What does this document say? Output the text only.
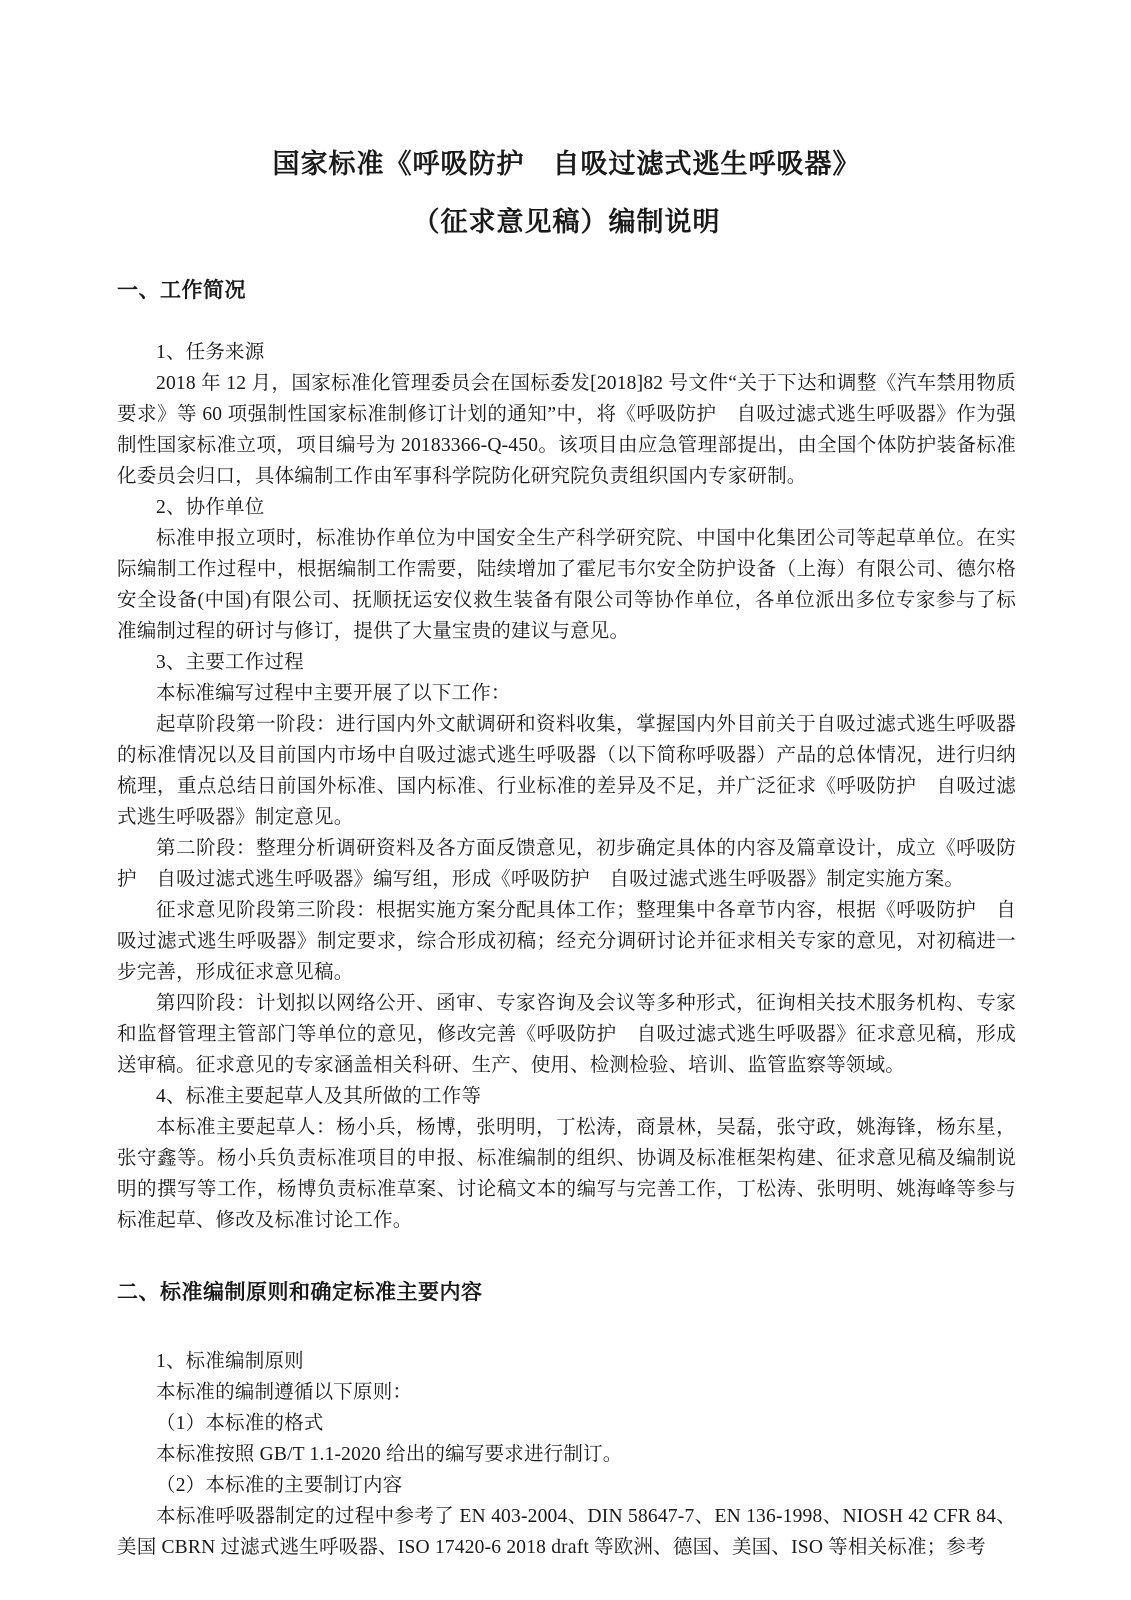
国家标准《呼吸防护　自吸过滤式逃生呼吸器》
（征求意见稿）编制说明
一、工作简况

1、任务来源

2018 年 12 月，国家标准化管理委员会在国标委发[2018]82 号文件“关于下达和调整《汽车禁用物质要求》等 60 项强制性国家标准制修订计划的通知”中，将《呼吸防护　自吸过滤式逃生呼吸器》作为强制性国家标准立项，项目编号为 20183366-Q-450。该项目由应急管理部提出，由全国个体防护装备标准化委员会归口，具体编制工作由军事科学院防化研究院负责组织国内专家研制。

2、协作单位

标准申报立项时，标准协作单位为中国安全生产科学研究院、中国中化集团公司等起草单位。在实际编制工作过程中，根据编制工作需要，陆续增加了霍尼韦尔安全防护设备（上海）有限公司、德尔格安全设备(中国)有限公司、抚顺抚运安仪救生装备有限公司等协作单位，各单位派出多位专家参与了标准编制过程的研讨与修订，提供了大量宝贵的建议与意见。

3、主要工作过程

本标准编写过程中主要开展了以下工作：

起草阶段第一阶段：进行国内外文献调研和资料收集，掌握国内外目前关于自吸过滤式逃生呼吸器的标准情况以及目前国内市场中自吸过滤式逃生呼吸器（以下简称呼吸器）产品的总体情况，进行归纳梳理，重点总结日前国外标准、国内标准、行业标准的差异及不足，并广泛征求《呼吸防护　自吸过滤式逃生呼吸器》制定意见。

第二阶段：整理分析调研资料及各方面反馈意见，初步确定具体的内容及篇章设计，成立《呼吸防护　自吸过滤式逃生呼吸器》编写组，形成《呼吸防护　自吸过滤式逃生呼吸器》制定实施方案。

征求意见阶段第三阶段：根据实施方案分配具体工作；整理集中各章节内容，根据《呼吸防护　自吸过滤式逃生呼吸器》制定要求，综合形成初稿；经充分调研讨论并征求相关专家的意见，对初稿进一步完善，形成征求意见稿。

第四阶段：计划拟以网络公开、函审、专家咨询及会议等多种形式，征询相关技术服务机构、专家和监督管理主管部门等单位的意见，修改完善《呼吸防护　自吸过滤式逃生呼吸器》征求意见稿，形成送审稿。征求意见的专家涵盖相关科研、生产、使用、检测检验、培训、监管监察等领域。

4、标准主要起草人及其所做的工作等

本标准主要起草人：杨小兵，杨博，张明明，丁松涛，商景林，吴磊，张守政，姚海锋，杨东星，张守鑫等。杨小兵负责标准项目的申报、标准编制的组织、协调及标准框架构建、征求意见稿及编制说明的撰写等工作，杨博负责标准草案、讨论稿文本的编写与完善工作，丁松涛、张明明、姚海峰等参与标准起草、修改及标准讨论工作。

二、标准编制原则和确定标准主要内容

1、标准编制原则

本标准的编制遵循以下原则：

（1）本标准的格式

本标准按照 GB/T 1.1-2020 给出的编写要求进行制订。

（2）本标准的主要制订内容

本标准呼吸器制定的过程中参考了 EN 403-2004、DIN 58647-7、EN 136-1998、NIOSH 42 CFR 84、美国 CBRN 过滤式逃生呼吸器、ISO 17420-6 2018 draft 等欧洲、德国、美国、ISO 等相关标准；参考
